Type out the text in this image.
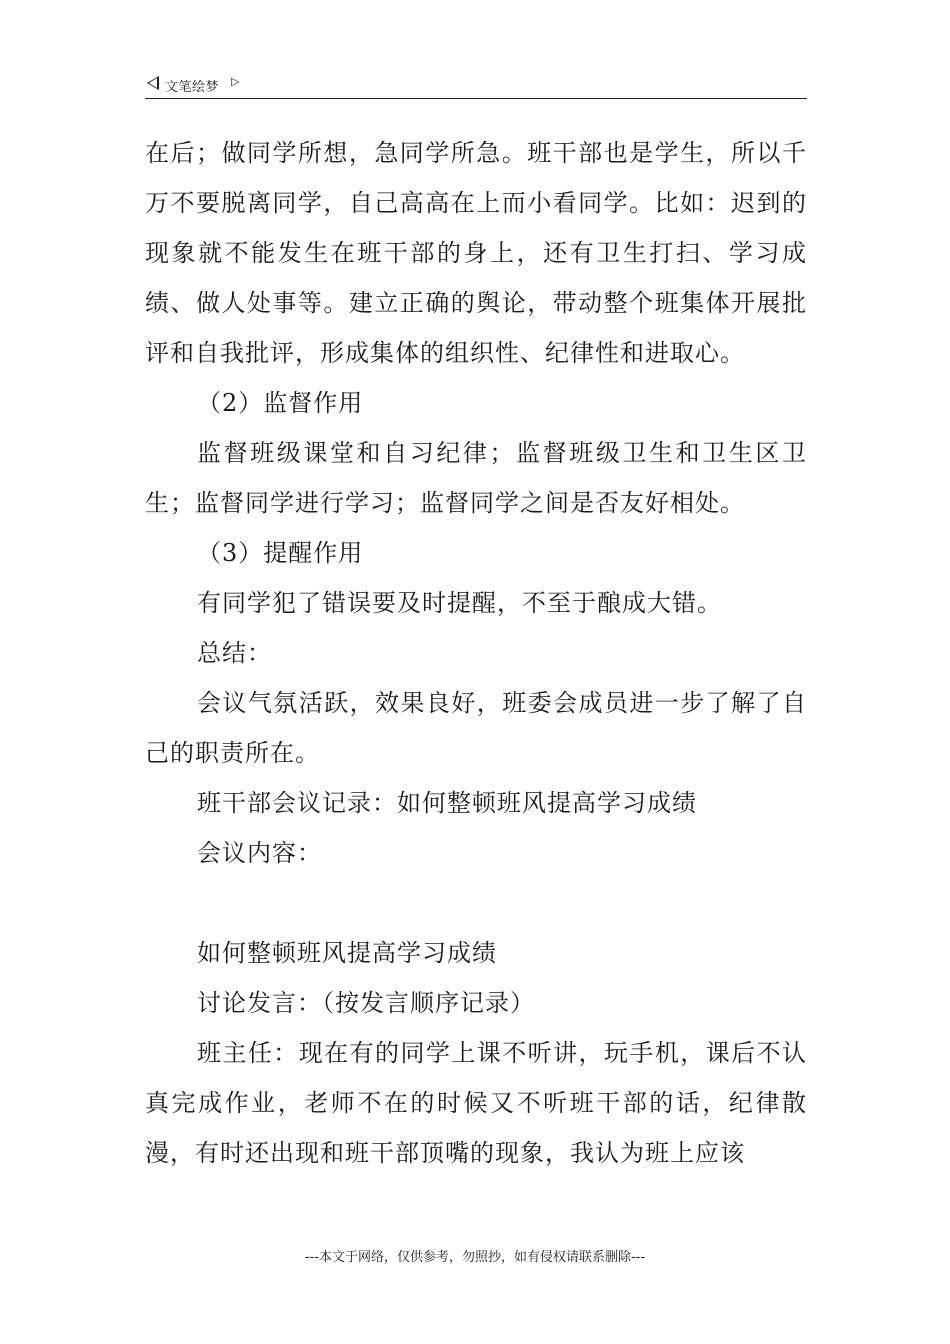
文笔绘梦 ▷

在后；做同学所想，急同学所急。班干部也是学生，所以千万不要脱离同学，自己高高在上而小看同学。比如：迟到的现象就不能发生在班干部的身上，还有卫生打扫、学习成绩、做人处事等。建立正确的舆论，带动整个班集体开展批评和自我批评，形成集体的组织性、纪律性和进取心。

（2）监督作用

监督班级课堂和自习纪律；监督班级卫生和卫生区卫生；监督同学进行学习；监督同学之间是否友好相处。

（3）提醒作用

有同学犯了错误要及时提醒，不至于酿成大错。

总结：

会议气氛活跃，效果良好，班委会成员进一步了解了自己的职责所在。

班干部会议记录：如何整顿班风提高学习成绩

会议内容：

如何整顿班风提高学习成绩

讨论发言：（按发言顺序记录）

班主任：现在有的同学上课不听讲，玩手机，课后不认真完成作业，老师不在的时候又不听班干部的话，纪律散漫，有时还出现和班干部顶嘴的现象，我认为班上应该

---本文于网络，仅供参考，勿照抄，如有侵权请联系删除---
